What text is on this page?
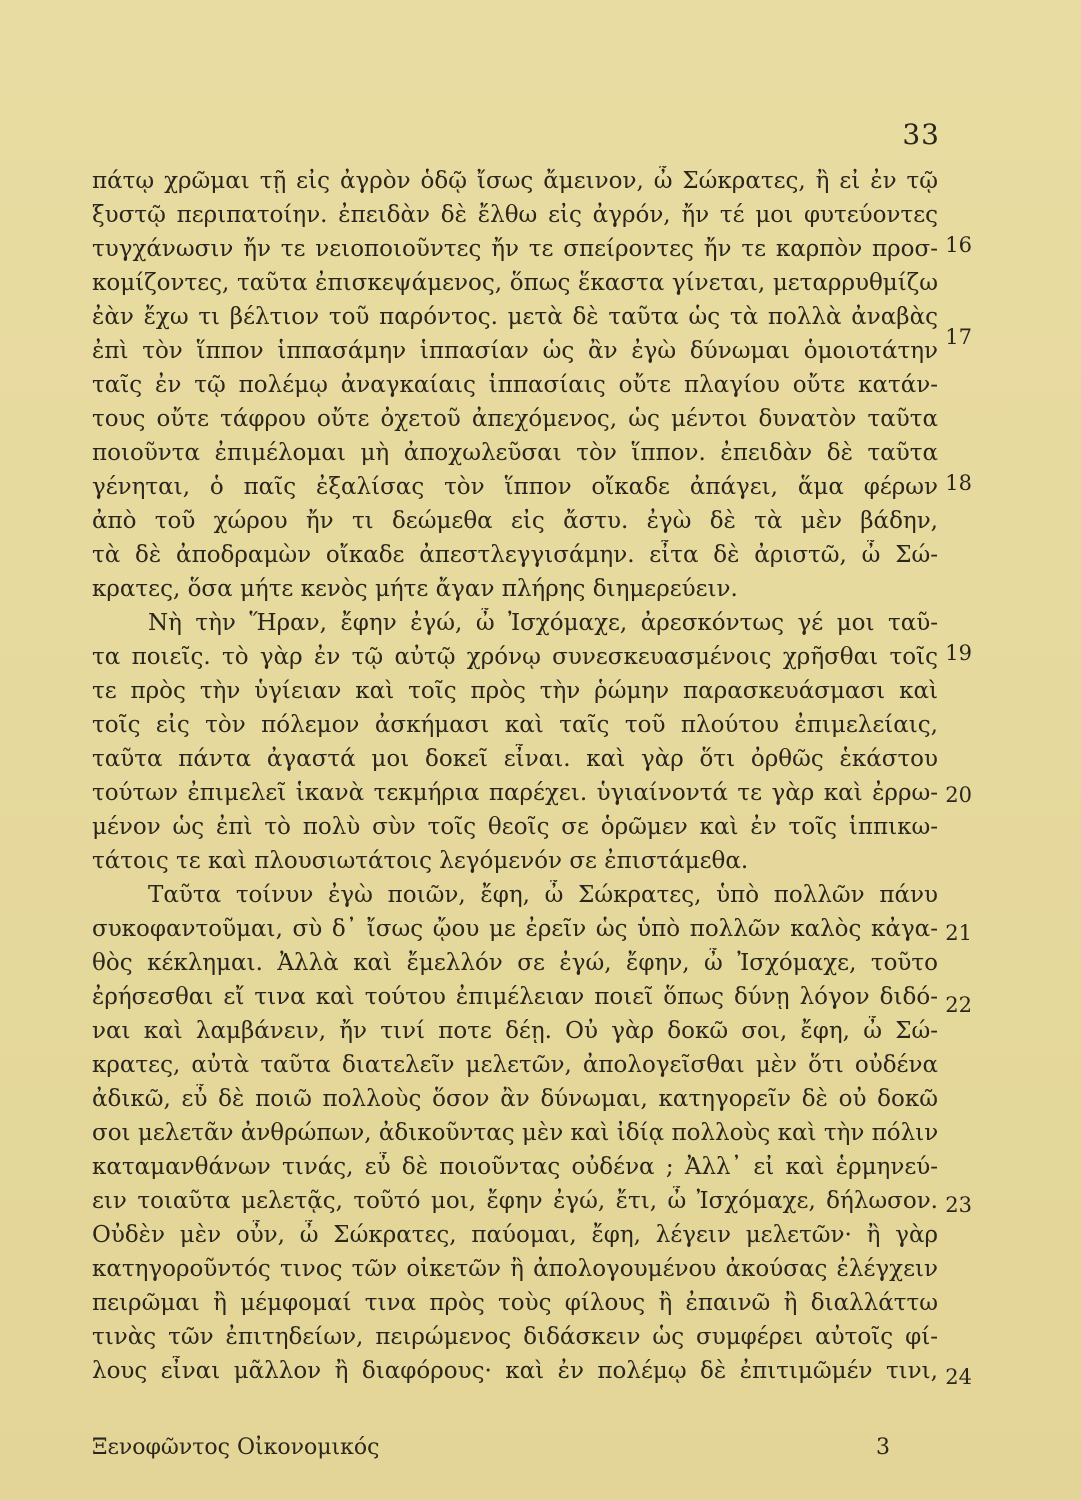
33
πάτῳ χρῶμαι τῇ εἰς ἀγρὸν ὁδῷ ἴσως ἄμεινον, ὦ Σώκρατες, ἢ εἰ ἐν τῷ
ξυστῷ περιπατοίην. ἐπειδὰν δὲ ἔλθω εἰς ἀγρόν, ἤν τέ μοι φυτεύοντες
τυγχάνωσιν ἤν τε νειοποιοῦντες ἤν τε σπείροντες ἤν τε καρπὸν προσ-
κομίζοντες, ταῦτα ἐπισκεψάμενος, ὅπως ἕκαστα γίνεται, μεταρρυθμίζω
ἐὰν ἔχω τι βέλτιον τοῦ παρόντος. μετὰ δὲ ταῦτα ὡς τὰ πολλὰ ἀναβὰς
ἐπὶ τὸν ἵππον ἱππασάμην ἱππασίαν ὡς ἂν ἐγὼ δύνωμαι ὁμοιοτάτην
ταῖς ἐν τῷ πολέμῳ ἀναγκαίαις ἱππασίαις οὔτε πλαγίου οὔτε κατάν-
τους οὔτε τάφρου οὔτε ὀχετοῦ ἀπεχόμενος, ὡς μέντοι δυνατὸν ταῦτα
ποιοῦντα ἐπιμέλομαι μὴ ἀποχωλεῦσαι τὸν ἵππον. ἐπειδὰν δὲ ταῦτα
γένηται, ὁ παῖς ἐξαλίσας τὸν ἵππον οἴκαδε ἀπάγει, ἅμα φέρων
ἀπὸ τοῦ χώρου ἤν τι δεώμεθα εἰς ἄστυ. ἐγὼ δὲ τὰ μὲν βάδην,
τὰ δὲ ἀποδραμὼν οἴκαδε ἀπεστλεγγισάμην. εἶτα δὲ ἀριστῶ, ὦ Σώ-
κρατες, ὅσα μήτε κενὸς μήτε ἄγαν πλήρης διημερεύειν.
Νὴ τὴν Ἥραν, ἔφην ἐγώ, ὦ Ἰσχόμαχε, ἀρεσκόντως γέ μοι ταῦ-
τα ποιεῖς. τὸ γὰρ ἐν τῷ αὐτῷ χρόνῳ συνεσκευασμένοις χρῆσθαι τοῖς
τε πρὸς τὴν ὑγίειαν καὶ τοῖς πρὸς τὴν ῥώμην παρασκευάσμασι καὶ
τοῖς εἰς τὸν πόλεμον ἀσκήμασι καὶ ταῖς τοῦ πλούτου ἐπιμελείαις,
ταῦτα πάντα ἀγαστά μοι δοκεῖ εἶναι. καὶ γὰρ ὅτι ὀρθῶς ἑκάστου
τούτων ἐπιμελεῖ ἱκανὰ τεκμήρια παρέχει. ὑγιαίνοντά τε γὰρ καὶ ἐρρω-
μένον ὡς ἐπὶ τὸ πολὺ σὺν τοῖς θεοῖς σε ὁρῶμεν καὶ ἐν τοῖς ἱππικω-
τάτοις τε καὶ πλουσιωτάτοις λεγόμενόν σε ἐπιστάμεθα.
Ταῦτα τοίνυν ἐγὼ ποιῶν, ἔφη, ὦ Σώκρατες, ὑπὸ πολλῶν πάνυ
συκοφαντοῦμαι, σὺ δ᾽ ἴσως ᾤου με ἐρεῖν ὡς ὑπὸ πολλῶν καλὸς κἀγα-
θὸς κέκλημαι. Ἀλλὰ καὶ ἔμελλόν σε ἐγώ, ἔφην, ὦ Ἰσχόμαχε, τοῦτο
ἐρήσεσθαι εἴ τινα καὶ τούτου ἐπιμέλειαν ποιεῖ ὅπως δύνῃ λόγον διδό-
ναι καὶ λαμβάνειν, ἤν τινί ποτε δέῃ. Οὐ γὰρ δοκῶ σοι, ἔφη, ὦ Σώ-
κρατες, αὐτὰ ταῦτα διατελεῖν μελετῶν, ἀπολογεῖσθαι μὲν ὅτι οὐδένα
ἀδικῶ, εὖ δὲ ποιῶ πολλοὺς ὅσον ἂν δύνωμαι, κατηγορεῖν δὲ οὐ δοκῶ
σοι μελετᾶν ἀνθρώπων, ἀδικοῦντας μὲν καὶ ἰδίᾳ πολλοὺς καὶ τὴν πόλιν
καταμανθάνων τινάς, εὖ δὲ ποιοῦντας οὐδένα ; Ἀλλ᾽ εἰ καὶ ἑρμηνεύ-
ειν τοιαῦτα μελετᾷς, τοῦτό μοι, ἔφην ἐγώ, ἔτι, ὦ Ἰσχόμαχε, δήλωσον.
Οὐδὲν μὲν οὖν, ὦ Σώκρατες, παύομαι, ἔφη, λέγειν μελετῶν· ἢ γὰρ
κατηγοροῦντός τινος τῶν οἰκετῶν ἢ ἀπολογουμένου ἀκούσας ἐλέγχειν
πειρῶμαι ἢ μέμφομαί τινα πρὸς τοὺς φίλους ἢ ἐπαινῶ ἢ διαλλάττω
τινὰς τῶν ἐπιτηδείων, πειρώμενος διδάσκειν ὡς συμφέρει αὐτοῖς φί-
λους εἶναι μᾶλλον ἢ διαφόρους· καὶ ἐν πολέμῳ δὲ ἐπιτιμῶμέν τινι,
16
17
18
19
20
21
22
23
24
Ξενοφῶντος Οἰκονομικός	3
